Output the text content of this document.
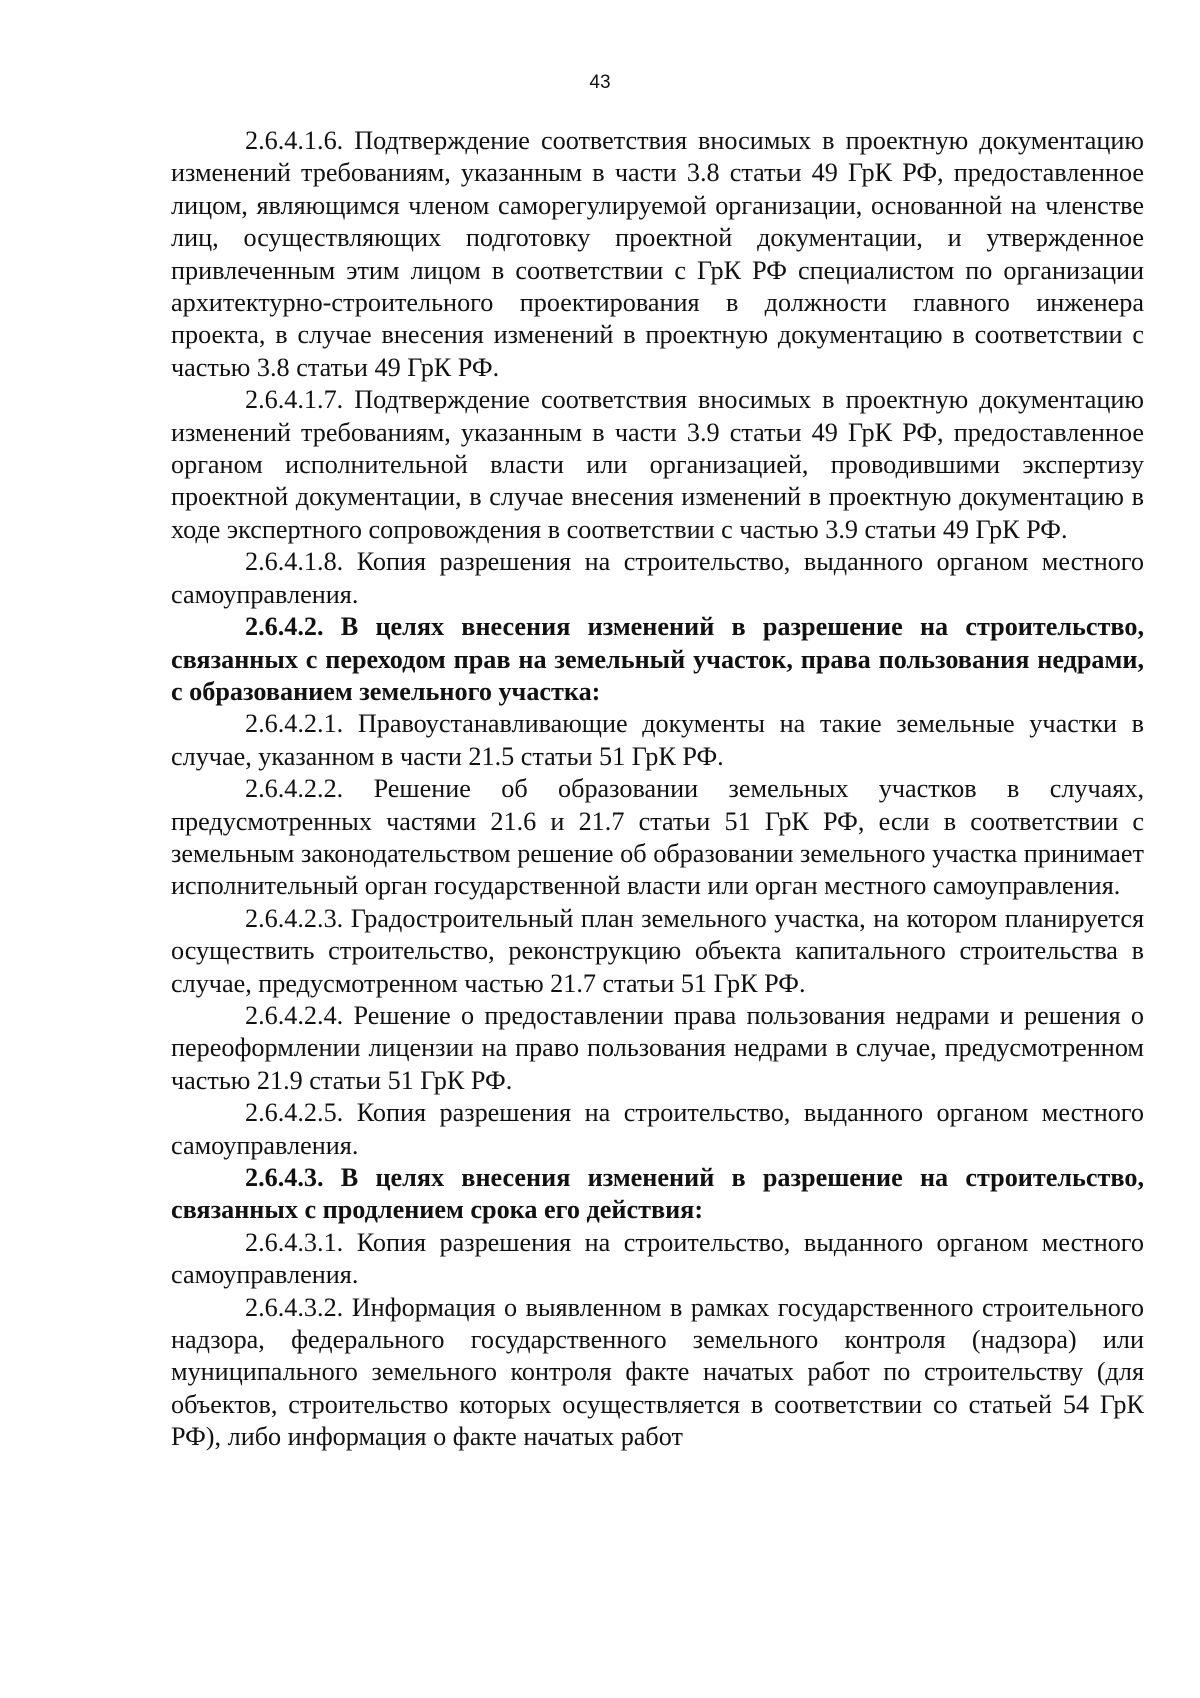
43

2.6.4.1.6. Подтверждение соответствия вносимых в проектную документацию изменений требованиям, указанным в части 3.8 статьи 49 ГрК РФ, предоставленное лицом, являющимся членом саморегулируемой организации, основанной на членстве лиц, осуществляющих подготовку проектной документации, и утвержденное привлеченным этим лицом в соответствии с ГрК РФ специалистом по организации архитектурно-строительного проектирования в должности главного инженера проекта, в случае внесения изменений в проектную документацию в соответствии с частью 3.8 статьи 49 ГрК РФ.

2.6.4.1.7. Подтверждение соответствия вносимых в проектную документацию изменений требованиям, указанным в части 3.9 статьи 49 ГрК РФ, предоставленное органом исполнительной власти или организацией, проводившими экспертизу проектной документации, в случае внесения изменений в проектную документацию в ходе экспертного сопровождения в соответствии с частью 3.9 статьи 49 ГрК РФ.

2.6.4.1.8. Копия разрешения на строительство, выданного органом местного самоуправления.

2.6.4.2. В целях внесения изменений в разрешение на строительство, связанных с переходом прав на земельный участок, права пользования недрами, с образованием земельного участка:

2.6.4.2.1. Правоустанавливающие документы на такие земельные участки в случае, указанном в части 21.5 статьи 51 ГрК РФ.

2.6.4.2.2. Решение об образовании земельных участков в случаях, предусмотренных частями 21.6 и 21.7 статьи 51 ГрК РФ, если в соответствии с земельным законодательством решение об образовании земельного участка принимает исполнительный орган государственной власти или орган местного самоуправления.

2.6.4.2.3. Градостроительный план земельного участка, на котором планируется осуществить строительство, реконструкцию объекта капитального строительства в случае, предусмотренном частью 21.7 статьи 51 ГрК РФ.

2.6.4.2.4. Решение о предоставлении права пользования недрами и решения о переоформлении лицензии на право пользования недрами в случае, предусмотренном частью 21.9 статьи 51 ГрК РФ.

2.6.4.2.5. Копия разрешения на строительство, выданного органом местного самоуправления.

2.6.4.3. В целях внесения изменений в разрешение на строительство, связанных с продлением срока его действия:

2.6.4.3.1. Копия разрешения на строительство, выданного органом местного самоуправления.

2.6.4.3.2. Информация о выявленном в рамках государственного строительного надзора, федерального государственного земельного контроля (надзора) или муниципального земельного контроля факте начатых работ по строительству (для объектов, строительство которых осуществляется в соответствии со статьей 54 ГрК РФ), либо информация о факте начатых работ
